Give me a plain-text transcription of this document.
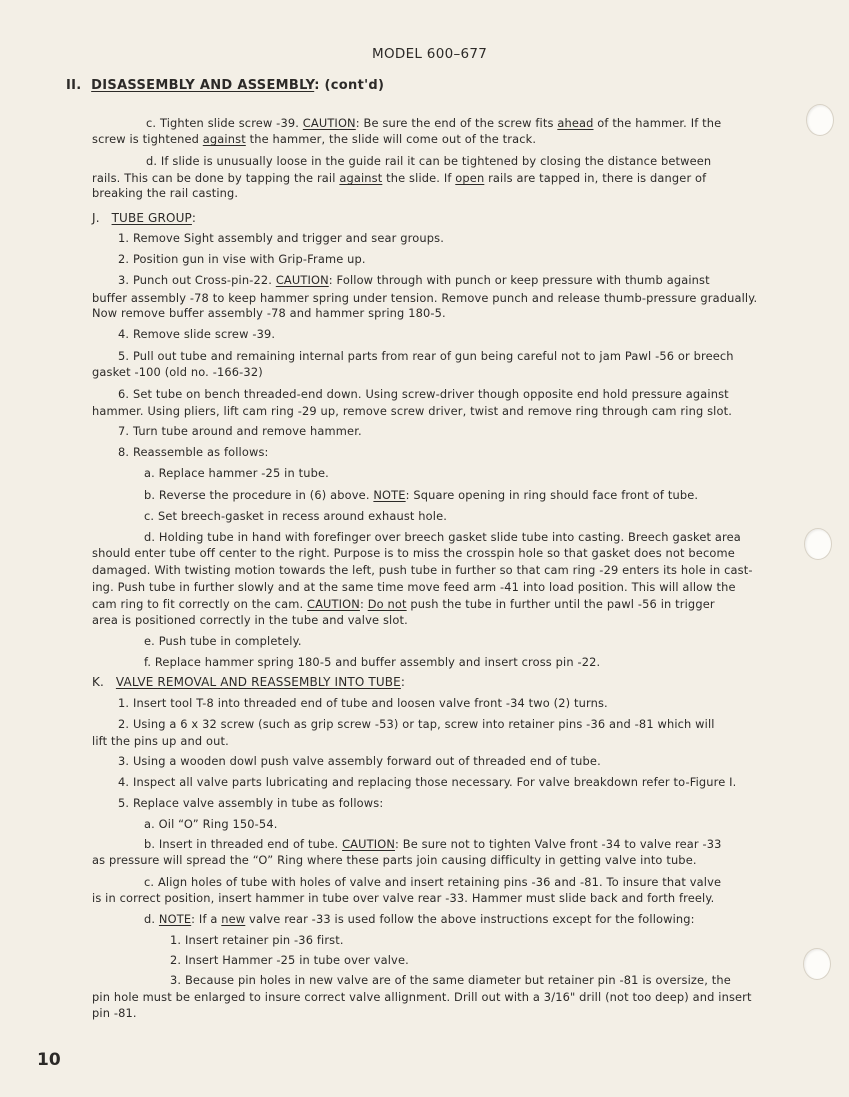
MODEL 600–677
II. DISASSEMBLY AND ASSEMBLY: (cont'd)
c. Tighten slide screw -39. CAUTION: Be sure the end of the screw fits ahead of the hammer. If the
screw is tightened against the hammer, the slide will come out of the track.
d. If slide is unusually loose in the guide rail it can be tightened by closing the distance between
rails. This can be done by tapping the rail against the slide. If open rails are tapped in, there is danger of
breaking the rail casting.
J. TUBE GROUP:
1. Remove Sight assembly and trigger and sear groups.
2. Position gun in vise with Grip-Frame up.
3. Punch out Cross-pin-22. CAUTION: Follow through with punch or keep pressure with thumb against
buffer assembly -78 to keep hammer spring under tension. Remove punch and release thumb-pressure gradually.
Now remove buffer assembly -78 and hammer spring 180-5.
4. Remove slide screw -39.
5. Pull out tube and remaining internal parts from rear of gun being careful not to jam Pawl -56 or breech
gasket -100 (old no. -166-32)
6. Set tube on bench threaded-end down. Using screw-driver though opposite end hold pressure against
hammer. Using pliers, lift cam ring -29 up, remove screw driver, twist and remove ring through cam ring slot.
7. Turn tube around and remove hammer.
8. Reassemble as follows:
a. Replace hammer -25 in tube.
b. Reverse the procedure in (6) above. NOTE: Square opening in ring should face front of tube.
c. Set breech-gasket in recess around exhaust hole.
d. Holding tube in hand with forefinger over breech gasket slide tube into casting. Breech gasket area
should enter tube off center to the right. Purpose is to miss the crosspin hole so that gasket does not become
damaged. With twisting motion towards the left, push tube in further so that cam ring -29 enters its hole in cast-
ing. Push tube in further slowly and at the same time move feed arm -41 into load position. This will allow the
cam ring to fit correctly on the cam. CAUTION: Do not push the tube in further until the pawl -56 in trigger
area is positioned correctly in the tube and valve slot.
e. Push tube in completely.
f. Replace hammer spring 180-5 and buffer assembly and insert cross pin -22.
K. VALVE REMOVAL AND REASSEMBLY INTO TUBE:
1. Insert tool T-8 into threaded end of tube and loosen valve front -34 two (2) turns.
2. Using a 6 x 32 screw (such as grip screw -53) or tap, screw into retainer pins -36 and -81 which will
lift the pins up and out.
3. Using a wooden dowl push valve assembly forward out of threaded end of tube.
4. Inspect all valve parts lubricating and replacing those necessary. For valve breakdown refer to-Figure I.
5. Replace valve assembly in tube as follows:
a. Oil “O” Ring 150-54.
b. Insert in threaded end of tube. CAUTION: Be sure not to tighten Valve front -34 to valve rear -33
as pressure will spread the “O” Ring where these parts join causing difficulty in getting valve into tube.
c. Align holes of tube with holes of valve and insert retaining pins -36 and -81. To insure that valve
is in correct position, insert hammer in tube over valve rear -33. Hammer must slide back and forth freely.
d. NOTE: If a new valve rear -33 is used follow the above instructions except for the following:
1. Insert retainer pin -36 first.
2. Insert Hammer -25 in tube over valve.
3. Because pin holes in new valve are of the same diameter but retainer pin -81 is oversize, the
pin hole must be enlarged to insure correct valve allignment. Drill out with a 3/16" drill (not too deep) and insert
pin -81.
10
